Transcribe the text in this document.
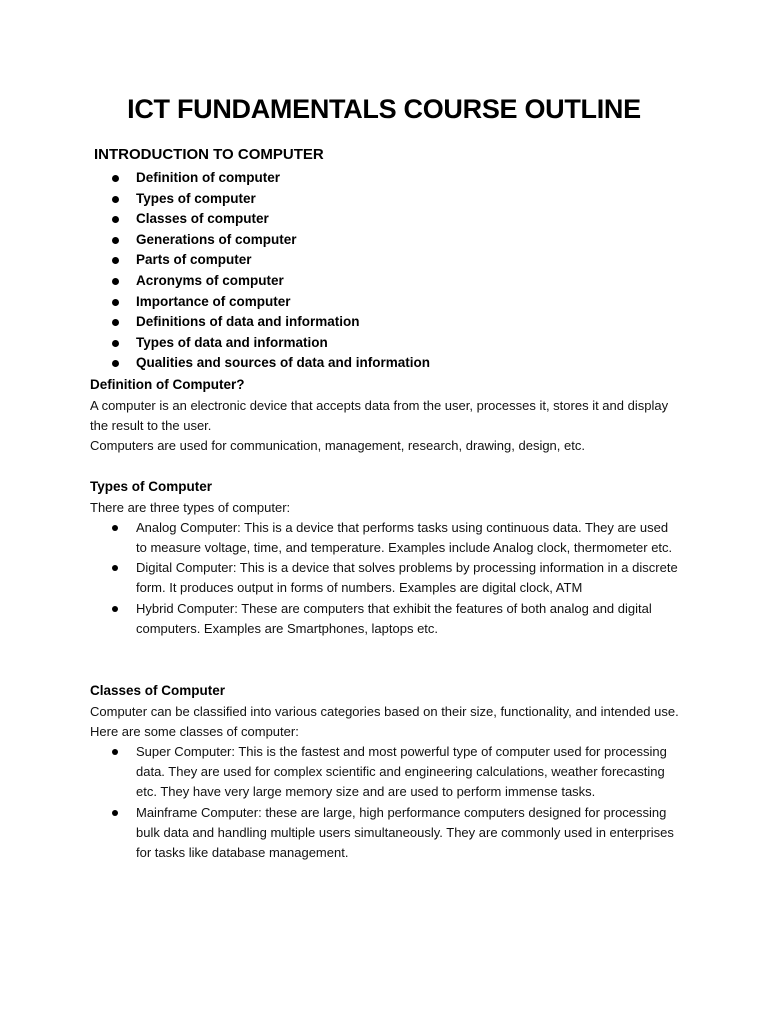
ICT FUNDAMENTALS COURSE OUTLINE
INTRODUCTION TO COMPUTER
Definition of computer
Types of computer
Classes of computer
Generations of computer
Parts of computer
Acronyms of computer
Importance of computer
Definitions of data and information
Types of data and information
Qualities and sources of data and information
Definition of Computer?

A computer is an electronic device that accepts data from the user, processes it, stores it and display the result to the user.

Computers are used for communication, management, research, drawing, design, etc.

Types of Computer

There are three types of computer:

Analog Computer: This is a device that performs tasks using continuous data. They are used to measure voltage, time, and temperature. Examples include Analog clock, thermometer etc.
Digital Computer: This is a device that solves problems by processing information in a discrete form. It produces output in forms of numbers. Examples are digital clock, ATM
Hybrid Computer: These are computers that exhibit the features of both analog and digital computers. Examples are Smartphones, laptops etc.
Classes of Computer

Computer can be classified into various categories based on their size, functionality, and intended use. Here are some classes of computer:

Super Computer: This is the fastest and most powerful type of computer used for processing data. They are used for complex scientific and engineering calculations, weather forecasting etc. They have very large memory size and are used to perform immense tasks.
Mainframe Computer: these are large, high performance computers designed for processing bulk data and handling multiple users simultaneously. They are commonly used in enterprises for tasks like database management.
